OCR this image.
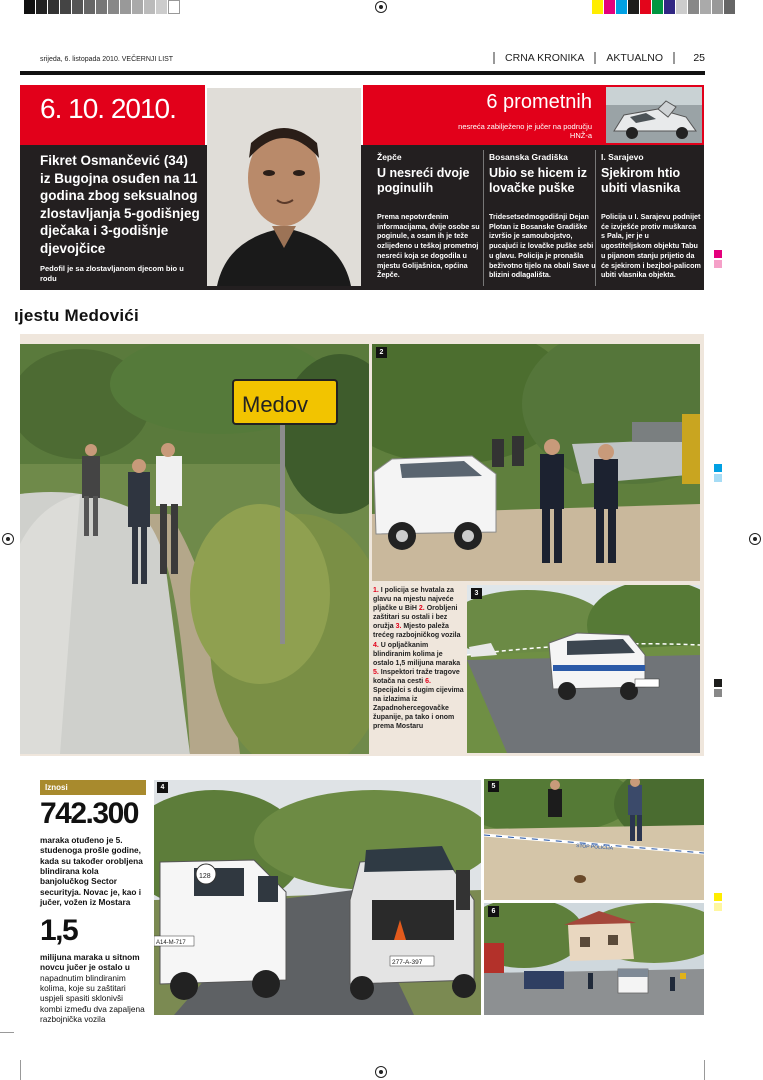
srijeda, 6. listopada 2010. VEČERNJI LIST	CRNA KRONIKA AKTUALNO	25
6. 10. 2010.	6 prometnih
nesreća zabilježeno je jučer na području HNŽ-a
Fikret Osmančević (34) iz Bugojna osuđen na 11 godina zbog seksualnog zlostavljanja 5-godišnjeg dječaka i 3-godišnje djevojčice
Pedofil je sa zlostavljanom djecom bio u rodu
Žepče
U nesreći dvoje poginulih
Prema nepotvrđenim informacijama, dvije osobe su poginule, a osam ih je teže ozlijeđeno u teškoj prometnoj nesreći koja se dogodila u mjestu Golijašnica, općina Žepče.
Bosanska Gradiška
Ubio se hicem iz lovačke puške
Tridesetsedmogodišnji Dejan Plotan iz Bosanske Gradiške izvršio je samoubojstvo, pucajući iz lovačke puške sebi u glavu. Policija je pronašla beživotno tijelo na obali Save u blizini odlagališta.
I. Sarajevo
Sjekirom htio ubiti vlasnika
Policija u I. Sarajevu podnijet će izvješće protiv muškarca s Pala, jer je u ugostiteljskom objektu Tabu u pijanom stanju prijetio da će sjekirom i bezjbol-palicom ubiti vlasnika objekta.
ıjestu Medovići
Medov
2
1. I policija se hvatala za glavu na mjestu najveće pljačke u BiH 2. Orobljeni zaštitari su ostali i bez oružja 3. Mjesto paleža trećeg razbojničkog vozila 4. U opljačkanim blindiranim kolima je ostalo 1,5 milijuna maraka 5. Inspektori traže tragove kotača na cesti 6. Specijalci s dugim cijevima na izlazima iz Zapadnohercegovačke županije, pa tako i onom prema Mostaru
3
Iznosi
742.300
maraka otuđeno je 5. studenoga prošle godine, kada su također orobljena blindirana kola banjolučkog Sector securityja. Novac je, kao i jučer, vožen iz Mostara
1,5
milijuna maraka u sitnom novcu jučer je ostalo u napadnutim blindiranim kolima, koje su zaštitari uspjeli spasiti sklonivši kombi između dva zapaljena razbojnička vozila
128
A14-M-717
277-A-397
4
STOP POLICIJA
5
6
